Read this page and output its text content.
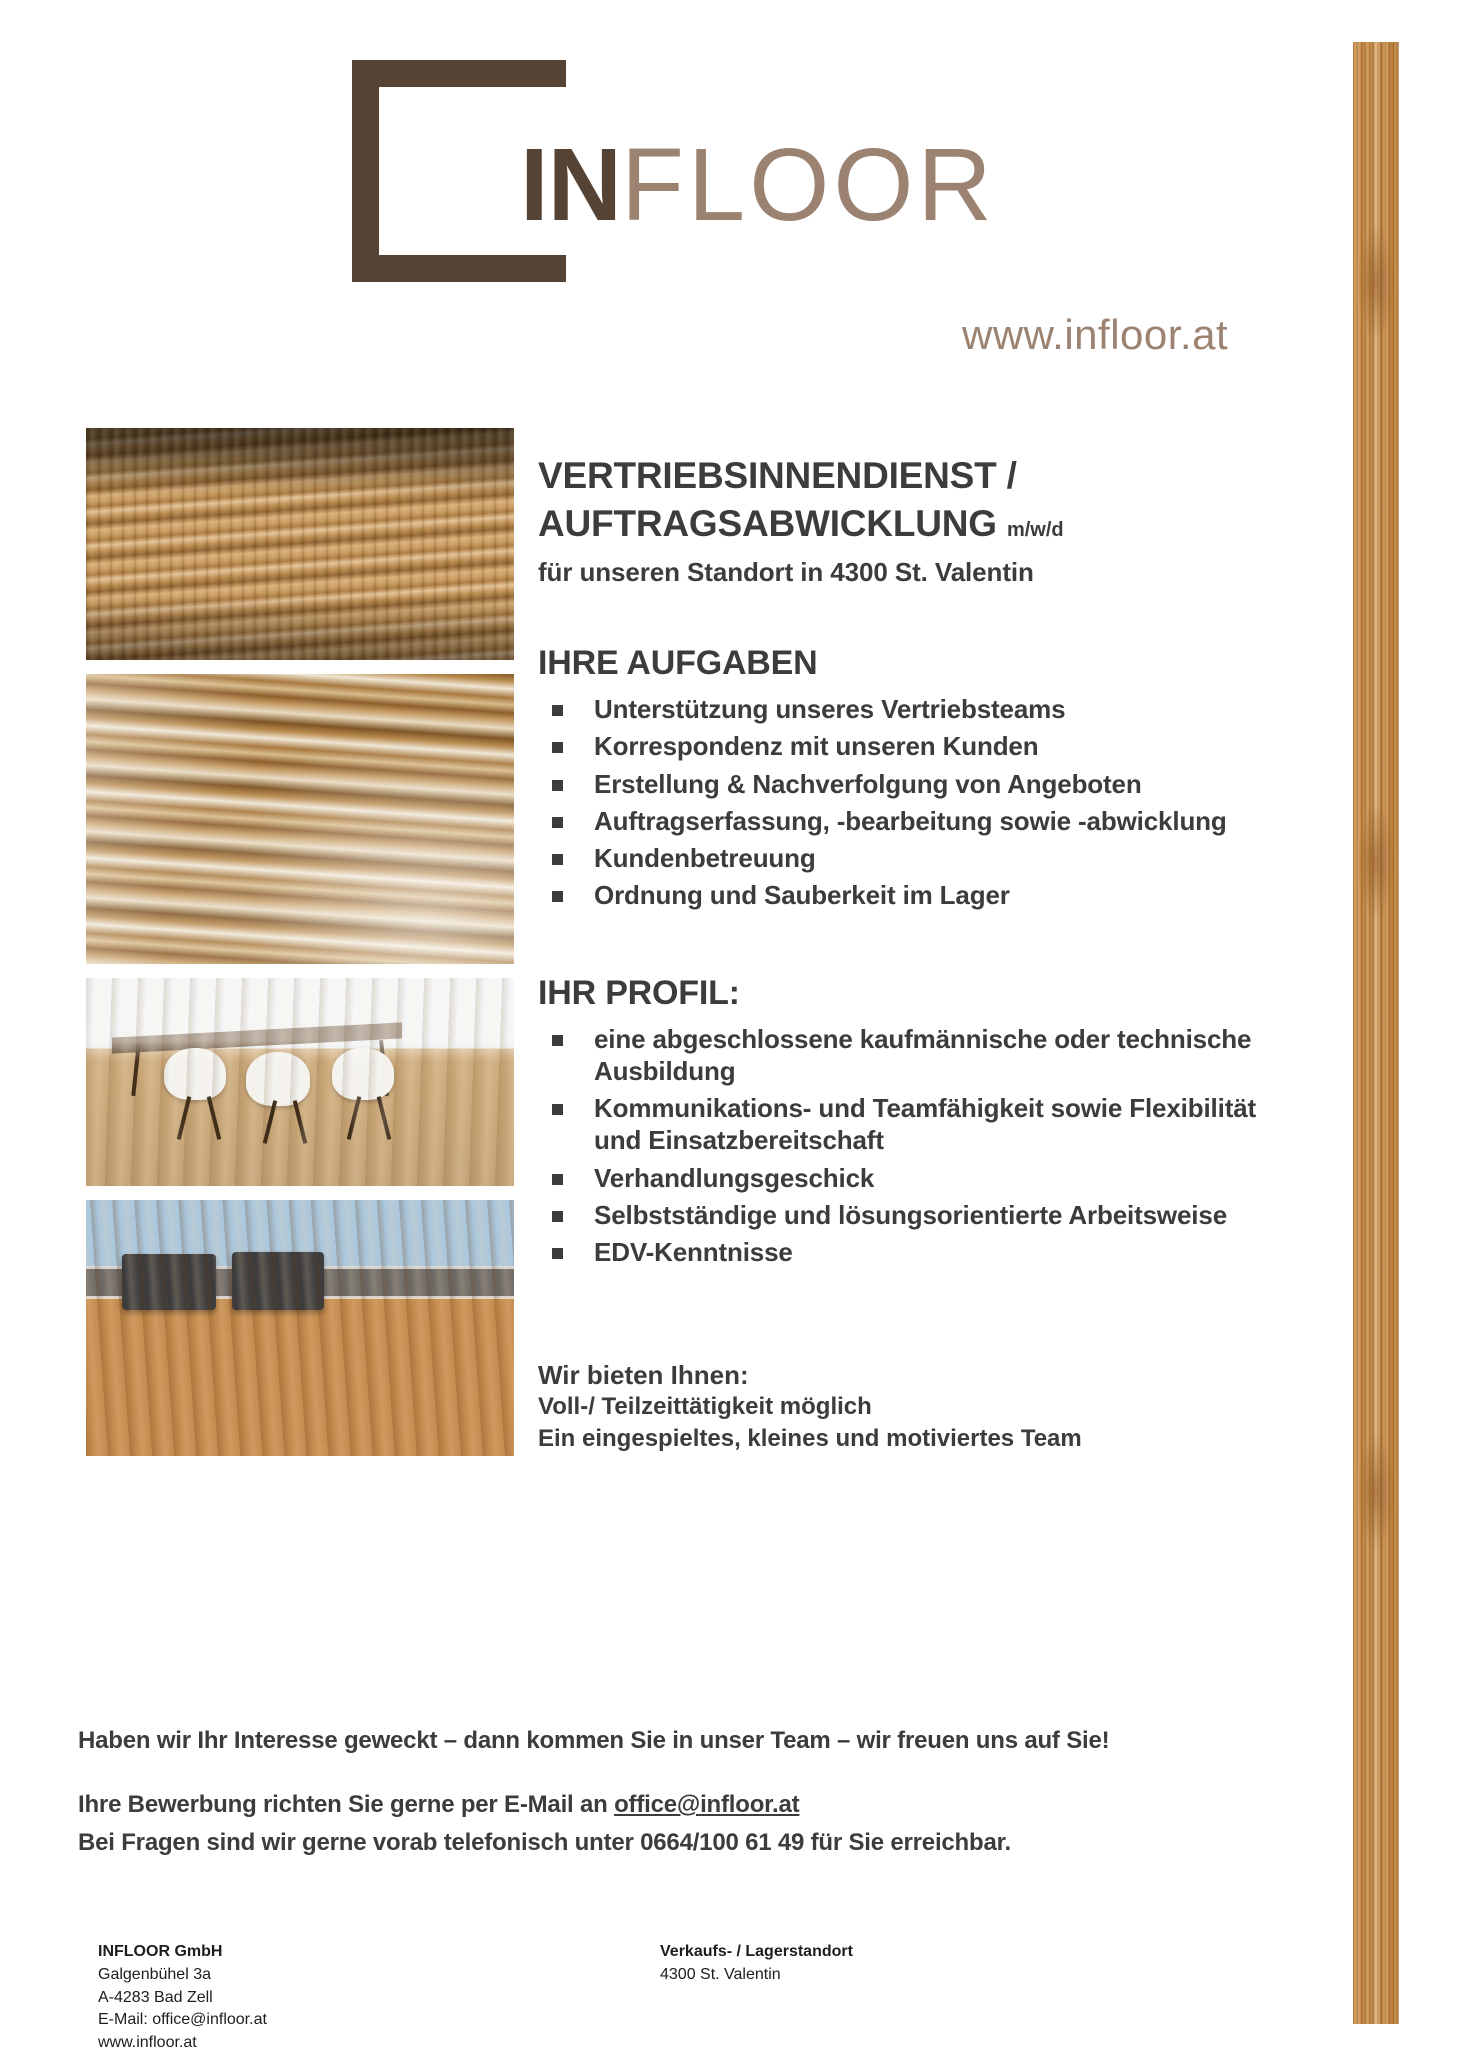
INFLOOR
www.infloor.at
VERTRIEBSINNENDIENST /
AUFTRAGSABWICKLUNG m/w/d
für unseren Standort in 4300 St. Valentin
IHRE AUFGABEN
Unterstützung unseres Vertriebsteams
Korrespondenz mit unseren Kunden
Erstellung & Nachverfolgung von Angeboten
Auftragserfassung, -bearbeitung sowie -abwicklung
Kundenbetreuung
Ordnung und Sauberkeit im Lager
IHR PROFIL:
eine abgeschlossene kaufmännische oder technische Ausbildung
Kommunikations- und Teamfähigkeit sowie Flexibilität und Einsatzbereitschaft
Verhandlungsgeschick
Selbstständige und lösungsorientierte Arbeitsweise
EDV-Kenntnisse
Wir bieten Ihnen:
Voll-/ Teilzeittätigkeit möglich
Ein eingespieltes, kleines und motiviertes Team

Haben wir Ihr Interesse geweckt – dann kommen Sie in unser Team – wir freuen uns auf Sie!

Ihre Bewerbung richten Sie gerne per E-Mail an office@infloor.at

Bei Fragen sind wir gerne vorab telefonisch unter 0664/100 61 49 für Sie erreichbar.

INFLOOR GmbH
Galgenbühel 3a
A-4283 Bad Zell
E-Mail: office@infloor.at
www.infloor.at
Verkaufs- / Lagerstandort
4300 St. Valentin
